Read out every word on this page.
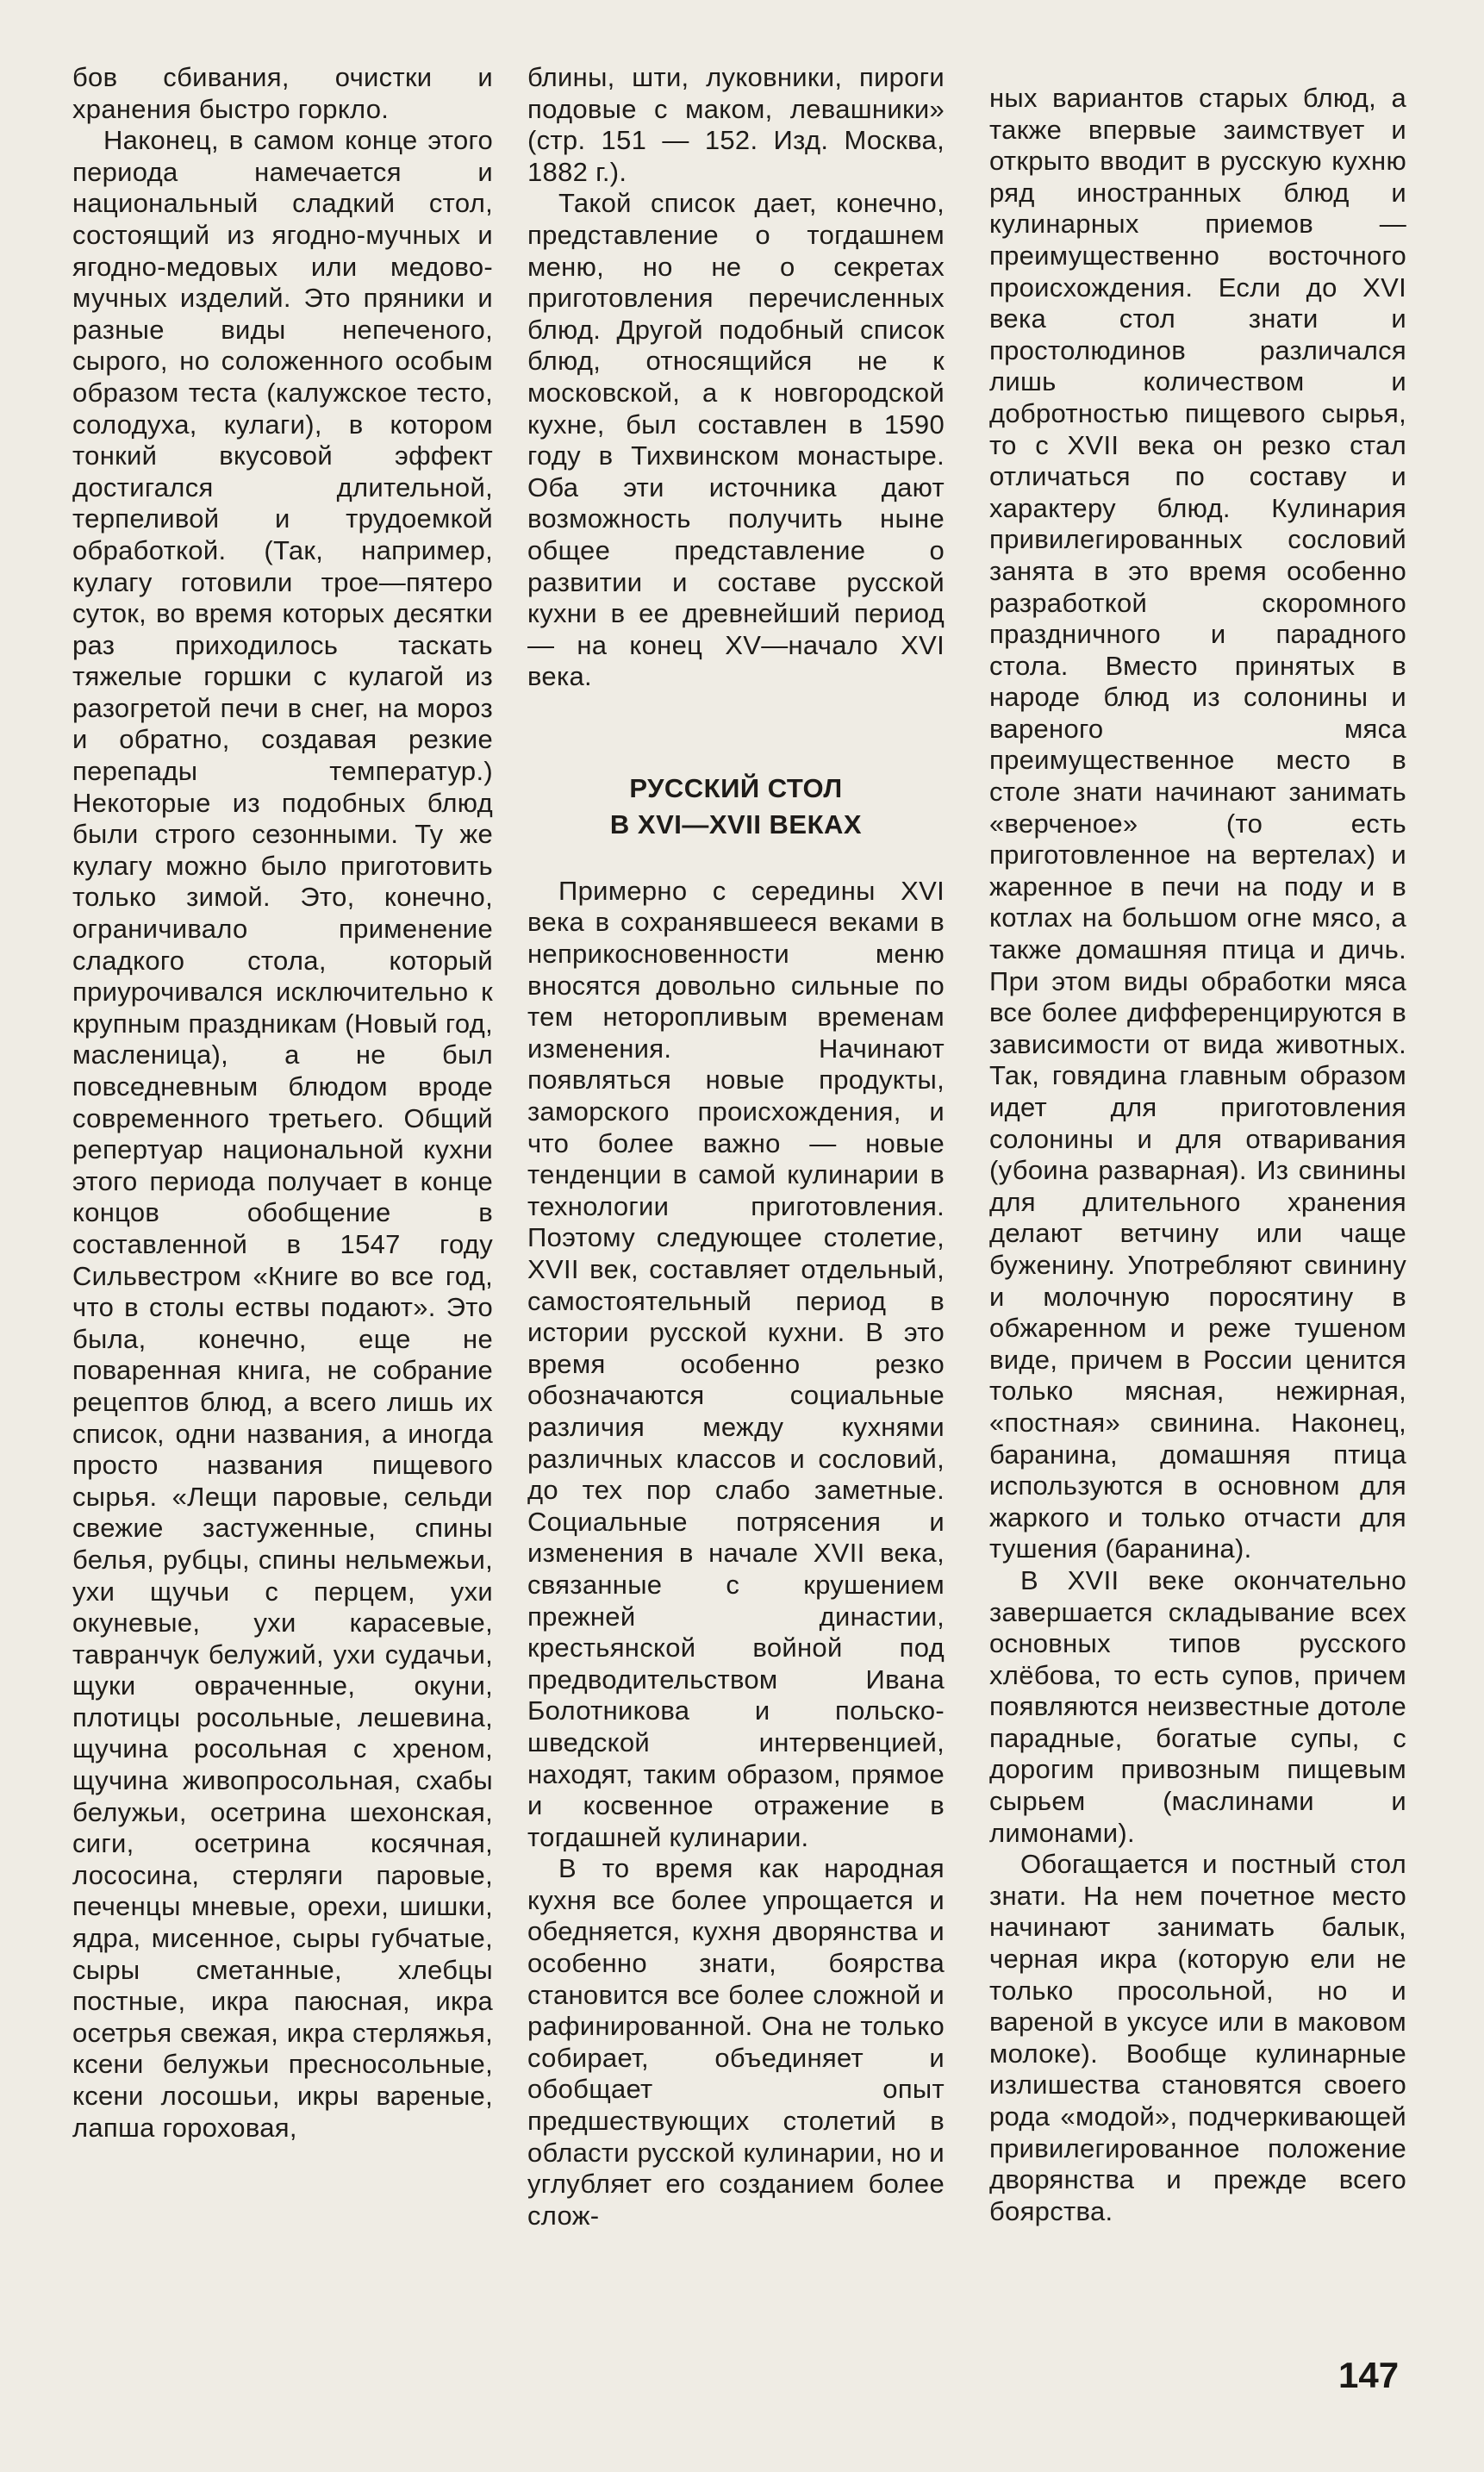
бов сбивания, очистки и хранения быстро горкло.

Наконец, в самом конце этого периода намечается и национальный сладкий стол, состоящий из ягодно-мучных и ягодно-медовых или медово-мучных изделий. Это пряники и разные виды непеченого, сырого, но соложенного особым образом теста (калужское тесто, солодуха, кулаги), в котором тонкий вкусовой эффект достигался длительной, терпеливой и трудоемкой обработкой. (Так, например, кулагу готовили трое—пятеро суток, во время которых десятки раз приходилось таскать тяжелые горшки с кулагой из разогретой печи в снег, на мороз и обратно, создавая резкие перепады температур.) Некоторые из подобных блюд были строго сезонными. Ту же кулагу можно было приготовить только зимой. Это, конечно, ограничивало применение сладкого стола, который приурочивался исключительно к крупным праздникам (Новый год, масленица), а не был повседневным блюдом вроде современного третьего. Общий репертуар национальной кухни этого периода получает в конце концов обобщение в составленной в 1547 году Сильвестром «Книге во все год, что в столы ествы подают». Это была, конечно, еще не поваренная книга, не собрание рецептов блюд, а всего лишь их список, одни названия, а иногда просто названия пищевого сырья. «Лещи паровые, сельди свежие застуженные, спины белья, рубцы, спины нельмежьи, ухи щучьи с перцем, ухи окуневые, ухи карасевые, тавранчук белужий, ухи судачьи, щуки овраченные, окуни, плотицы росольные, лешевина, щучина росольная с хреном, щучина живопросольная, схабы белужьи, осетрина шехонская, сиги, осетрина косячная, лососина, стерляги паровые, печенцы мневые, орехи, шишки, ядра, мисенное, сыры губчатые, сыры сметанные, хлебцы постные, икра паюсная, икра осетрья свежая, икра стерляжья, ксени белужьи пресносольные, ксени лосошьи, икры вареные, лапша гороховая,

блины, шти, луковники, пироги подовые с маком, левашники» (стр. 151 — 152. Изд. Москва, 1882 г.).

Такой список дает, конечно, представление о тогдашнем меню, но не о секретах приготовления перечисленных блюд. Другой подобный список блюд, относящийся не к московской, а к новгородской кухне, был составлен в 1590 году в Тихвинском монастыре. Оба эти источника дают возможность получить ныне общее представление о развитии и составе русской кухни в ее древнейший период — на конец XV—начало XVI века.

РУССКИЙ СТОЛ
В XVI—XVII ВЕКАХ

Примерно с середины XVI века в сохранявшееся веками в неприкосновенности меню вносятся довольно сильные по тем неторопливым временам изменения. Начинают появляться новые продукты, заморского происхождения, и что более важно — новые тенденции в самой кулинарии в технологии приготовления. Поэтому следующее столетие, XVII век, составляет отдельный, самостоятельный период в истории русской кухни. В это время особенно резко обозначаются социальные различия между кухнями различных классов и сословий, до тех пор слабо заметные. Социальные потрясения и изменения в начале XVII века, связанные с крушением прежней династии, крестьянской войной под предводительством Ивана Болотникова и польско-шведской интервенцией, находят, таким образом, прямое и косвенное отражение в тогдашней кулинарии.

В то время как народная кухня все более упрощается и обедняется, кухня дворянства и особенно знати, боярства становится все более сложной и рафинированной. Она не только собирает, объединяет и обобщает опыт предшествующих столетий в области русской кулинарии, но и углубляет его созданием более слож-

ных вариантов старых блюд, а также впервые заимствует и открыто вводит в русскую кухню ряд иностранных блюд и кулинарных приемов — преимущественно восточного происхождения. Если до XVI века стол знати и простолюдинов различался лишь количеством и добротностью пищевого сырья, то с XVII века он резко стал отличаться по составу и характеру блюд. Кулинария привилегированных сословий занята в это время особенно разработкой скоромного праздничного и парадного стола. Вместо принятых в народе блюд из солонины и вареного мяса преимущественное место в столе знати начинают занимать «верченое» (то есть приготовленное на вертелах) и жаренное в печи на поду и в котлах на большом огне мясо, а также домашняя птица и дичь. При этом виды обработки мяса все более дифференцируются в зависимости от вида животных. Так, говядина главным образом идет для приготовления солонины и для отваривания (убоина разварная). Из свинины для длительного хранения делают ветчину или чаще буженину. Употребляют свинину и молочную поросятину в обжаренном и реже тушеном виде, причем в России ценится только мясная, нежирная, «постная» свинина. Наконец, баранина, домашняя птица используются в основном для жаркого и только отчасти для тушения (баранина).

В XVII веке окончательно завершается складывание всех основных типов русского хлёбова, то есть супов, причем появляются неизвестные дотоле парадные, богатые супы, с дорогим привозным пищевым сырьем (маслинами и лимонами).

Обогащается и постный стол знати. На нем почетное место начинают занимать балык, черная икра (которую ели не только просольной, но и вареной в уксусе или в маковом молоке). Вообще кулинарные излишества становятся своего рода «модой», подчеркивающей привилегированное положение дворянства и прежде всего боярства.

147
